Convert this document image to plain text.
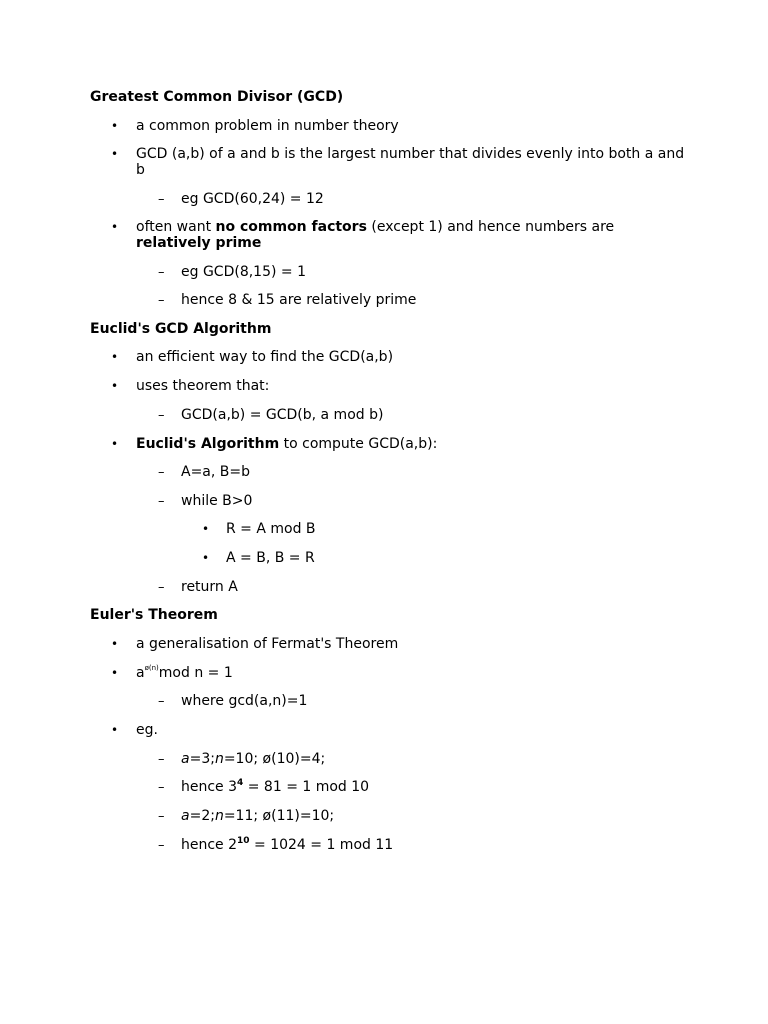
Greatest Common Divisor (GCD)
• a common problem in number theory
• GCD (a,b) of a and b is the largest number that divides evenly into both a and
b
– eg GCD(60,24) = 12
• often want no common factors (except 1) and hence numbers are
relatively prime
– eg GCD(8,15) = 1
– hence 8 & 15 are relatively prime
Euclid's GCD Algorithm
• an efficient way to find the GCD(a,b)
• uses theorem that:
– GCD(a,b) = GCD(b, a mod b)
• Euclid's Algorithm to compute GCD(a,b):
– A=a, B=b
– while B>0
• R = A mod B
• A = B, B = R
– return A
Euler's Theorem
• a generalisation of Fermat's Theorem
• $a^{ø(n)}mod$ n = 1
– where gcd(a,n)=1
• eg.
– a=3;n=10; ø(10)=4;
– hence $3^4 = 81 = 1$ mod 10
– a=2;n=11; ø(11)=10;
– hence $2^{10} = 1024 = 1$ mod 11
